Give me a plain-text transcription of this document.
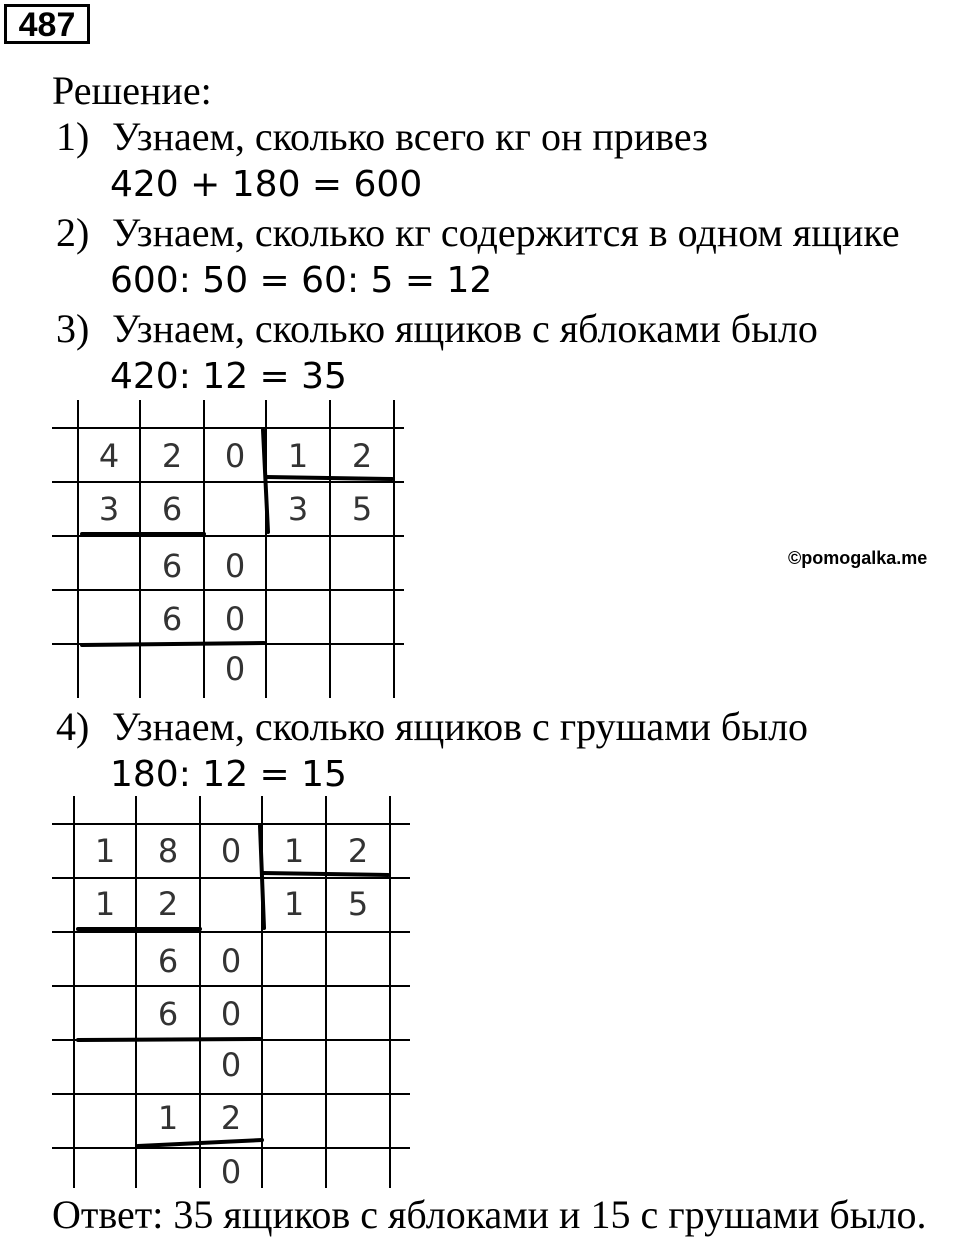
487
Решение:
1) Узнаем, сколько всего кг он привез
420 + 180 = 600
2) Узнаем, сколько кг содержится в одном ящике
600: 50 = 60: 5 = 12
3) Узнаем, сколько ящиков с яблоками было
420: 12 = 35
4) Узнаем, сколько ящиков с грушами было
180: 12 = 15
©pomogalka.me
Ответ: 35 ящиков с яблоками и 15 с грушами было.
4 2 0 1 2
3 6	3 5
6 0
6 0
0
1 8 0 1 2
1 2	1 5
6 0
6 0
0
1 2
0
